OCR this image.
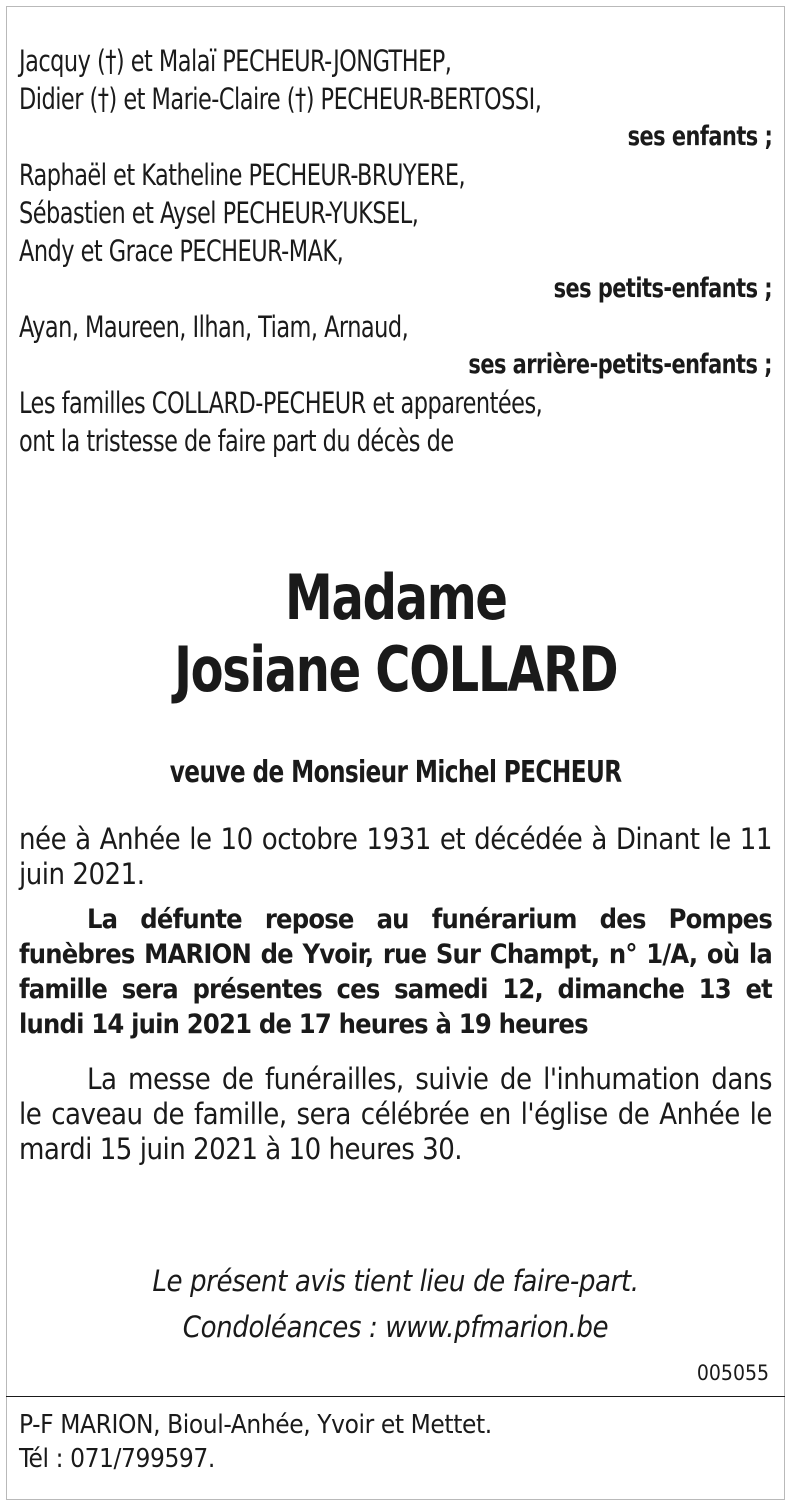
Jacquy (†) et Malaï PECHEUR-JONGTHEP,
Didier (†) et Marie-Claire (†) PECHEUR-BERTOSSI,
ses enfants ;
Raphaël et Katheline PECHEUR-BRUYERE,
Sébastien et Aysel PECHEUR-YUKSEL,
Andy et Grace PECHEUR-MAK,
ses petits-enfants ;
Ayan, Maureen, Ilhan, Tiam, Arnaud,
ses arrière-petits-enfants ;
Les familles COLLARD-PECHEUR et apparentées,
ont la tristesse de faire part du décès de
Madame
Josiane COLLARD
veuve de Monsieur Michel PECHEUR
née à Anhée le 10 octobre 1931 et décédée à Dinant le 11 juin 2021.
La défunte repose au funérarium des Pompes funèbres MARION de Yvoir, rue Sur Champt, n° 1/A, où la famille sera présentes ces samedi 12, dimanche 13 et lundi 14 juin 2021 de 17 heures à 19 heures
La messe de funérailles, suivie de l'inhumation dans le caveau de famille, sera célébrée en l'église de Anhée le mardi 15 juin 2021 à 10 heures 30.
Le présent avis tient lieu de faire-part.
Condoléances : www.pfmarion.be
005055
P-F MARION, Bioul-Anhée, Yvoir et Mettet.
Tél : 071/799597.
